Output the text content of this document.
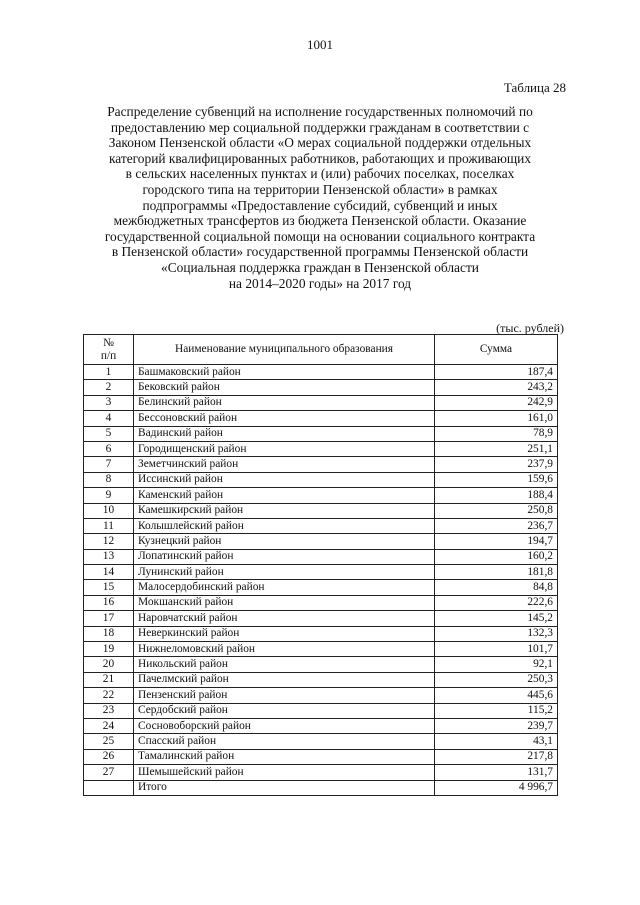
1001
Таблица 28
Распределение субвенций на исполнение государственных полномочий по
предоставлению мер социальной поддержки гражданам в соответствии с
Законом Пензенской области «О мерах социальной поддержки отдельных
категорий квалифицированных работников, работающих и проживающих
в сельских населенных пунктах и (или) рабочих поселках, поселках
городского типа на территории Пензенской области» в рамках
подпрограммы «Предоставление субсидий, субвенций и иных
межбюджетных трансфертов из бюджета Пензенской области. Оказание
государственной социальной помощи на основании социального контракта
в Пензенской области» государственной программы Пензенской области
«Социальная поддержка граждан в Пензенской области
на 2014–2020 годы» на 2017 год
(тыс. рублей)
№
п/п	Наименование муниципального образования	Сумма
1	Башмаковский район	187,4
2	Бековский район	243,2
3	Белинский район	242,9
4	Бессоновский район	161,0
5	Вадинский район	78,9
6	Городищенский район	251,1
7	Земетчинский район	237,9
8	Иссинский район	159,6
9	Каменский район	188,4
10	Камешкирский район	250,8
11	Колышлейский район	236,7
12	Кузнецкий район	194,7
13	Лопатинский район	160,2
14	Лунинский район	181,8
15	Малосердобинский район	84,8
16	Мокшанский район	222,6
17	Наровчатский район	145,2
18	Неверкинский район	132,3
19	Нижнеломовский район	101,7
20	Никольский район	92,1
21	Пачелмский район	250,3
22	Пензенский район	445,6
23	Сердобский район	115,2
24	Сосновоборский район	239,7
25	Спасский район	43,1
26	Тамалинский район	217,8
27	Шемышейский район	131,7
	Итого	4 996,7
